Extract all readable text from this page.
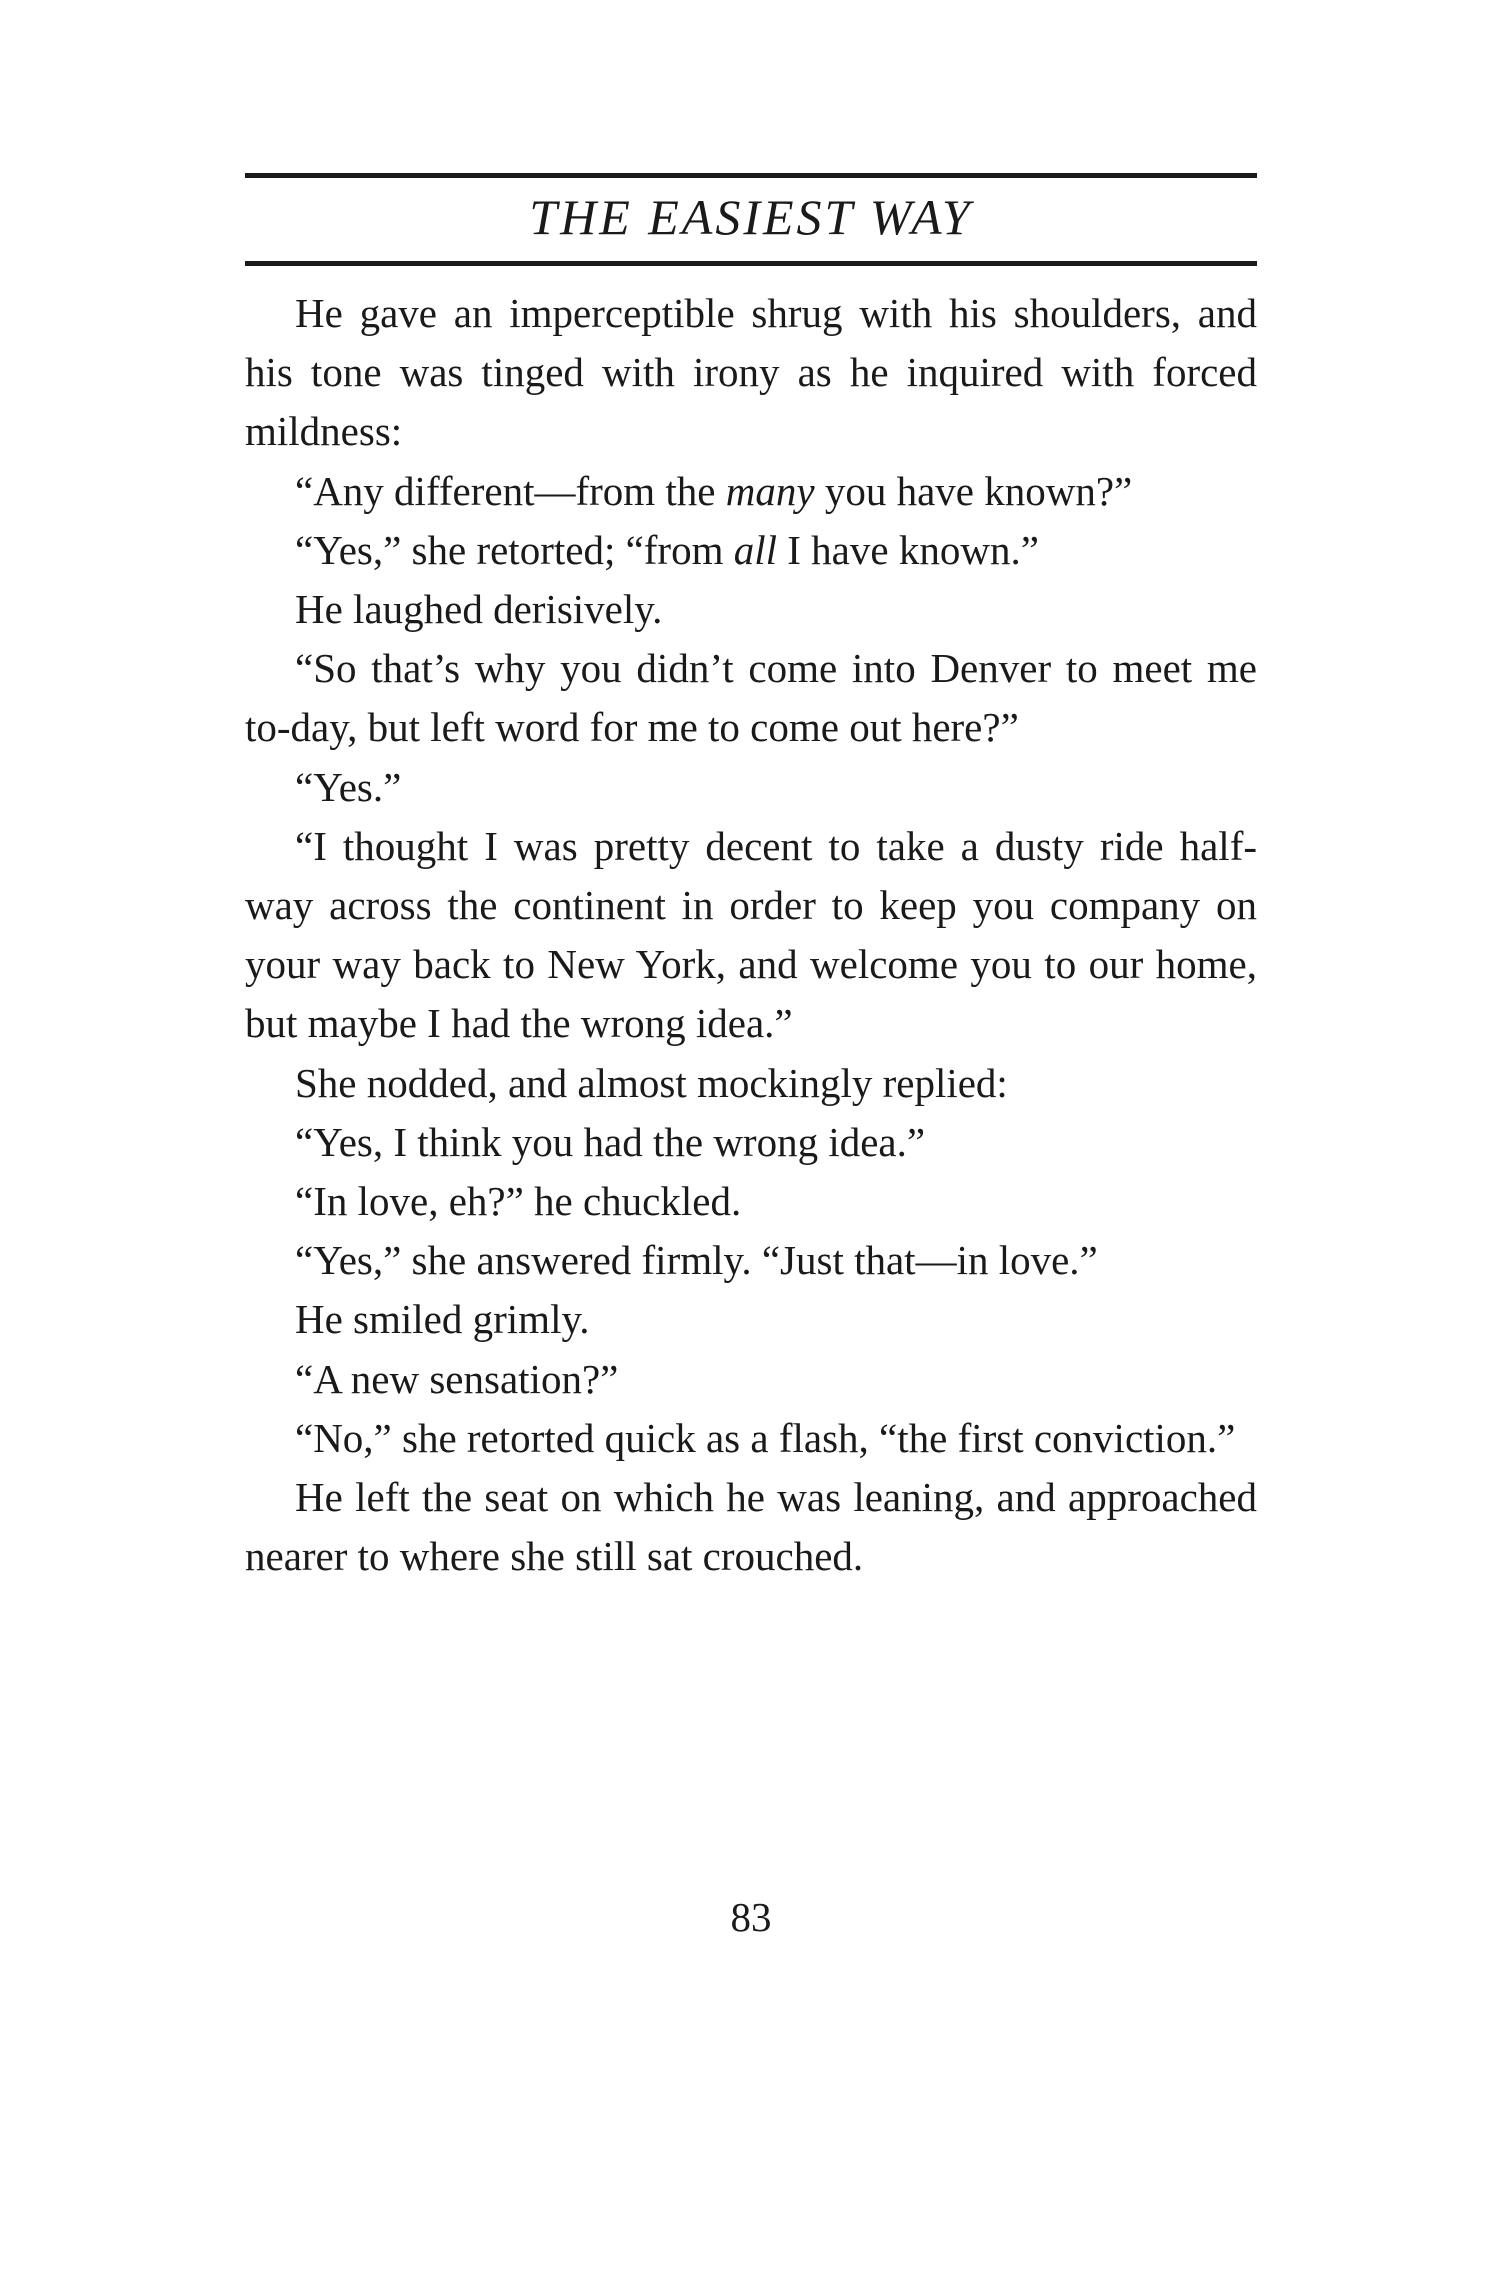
THE EASIEST WAY

He gave an imperceptible shrug with his shoulders, and his tone was tinged with irony as he inquired with forced mildness:

“Any different—from the many you have known?”

“Yes,” she retorted; “from all I have known.”

He laughed derisively.

“So that’s why you didn’t come into Denver to meet me to-day, but left word for me to come out here?”

“Yes.”

“I thought I was pretty decent to take a dusty ride half-way across the continent in order to keep you company on your way back to New York, and welcome you to our home, but maybe I had the wrong idea.”

She nodded, and almost mockingly replied:

“Yes, I think you had the wrong idea.”

“In love, eh?” he chuckled.

“Yes,” she answered firmly. “Just that—in love.”

He smiled grimly.

“A new sensation?”

“No,” she retorted quick as a flash, “the first conviction.”

He left the seat on which he was leaning, and approached nearer to where she still sat crouched.

83
